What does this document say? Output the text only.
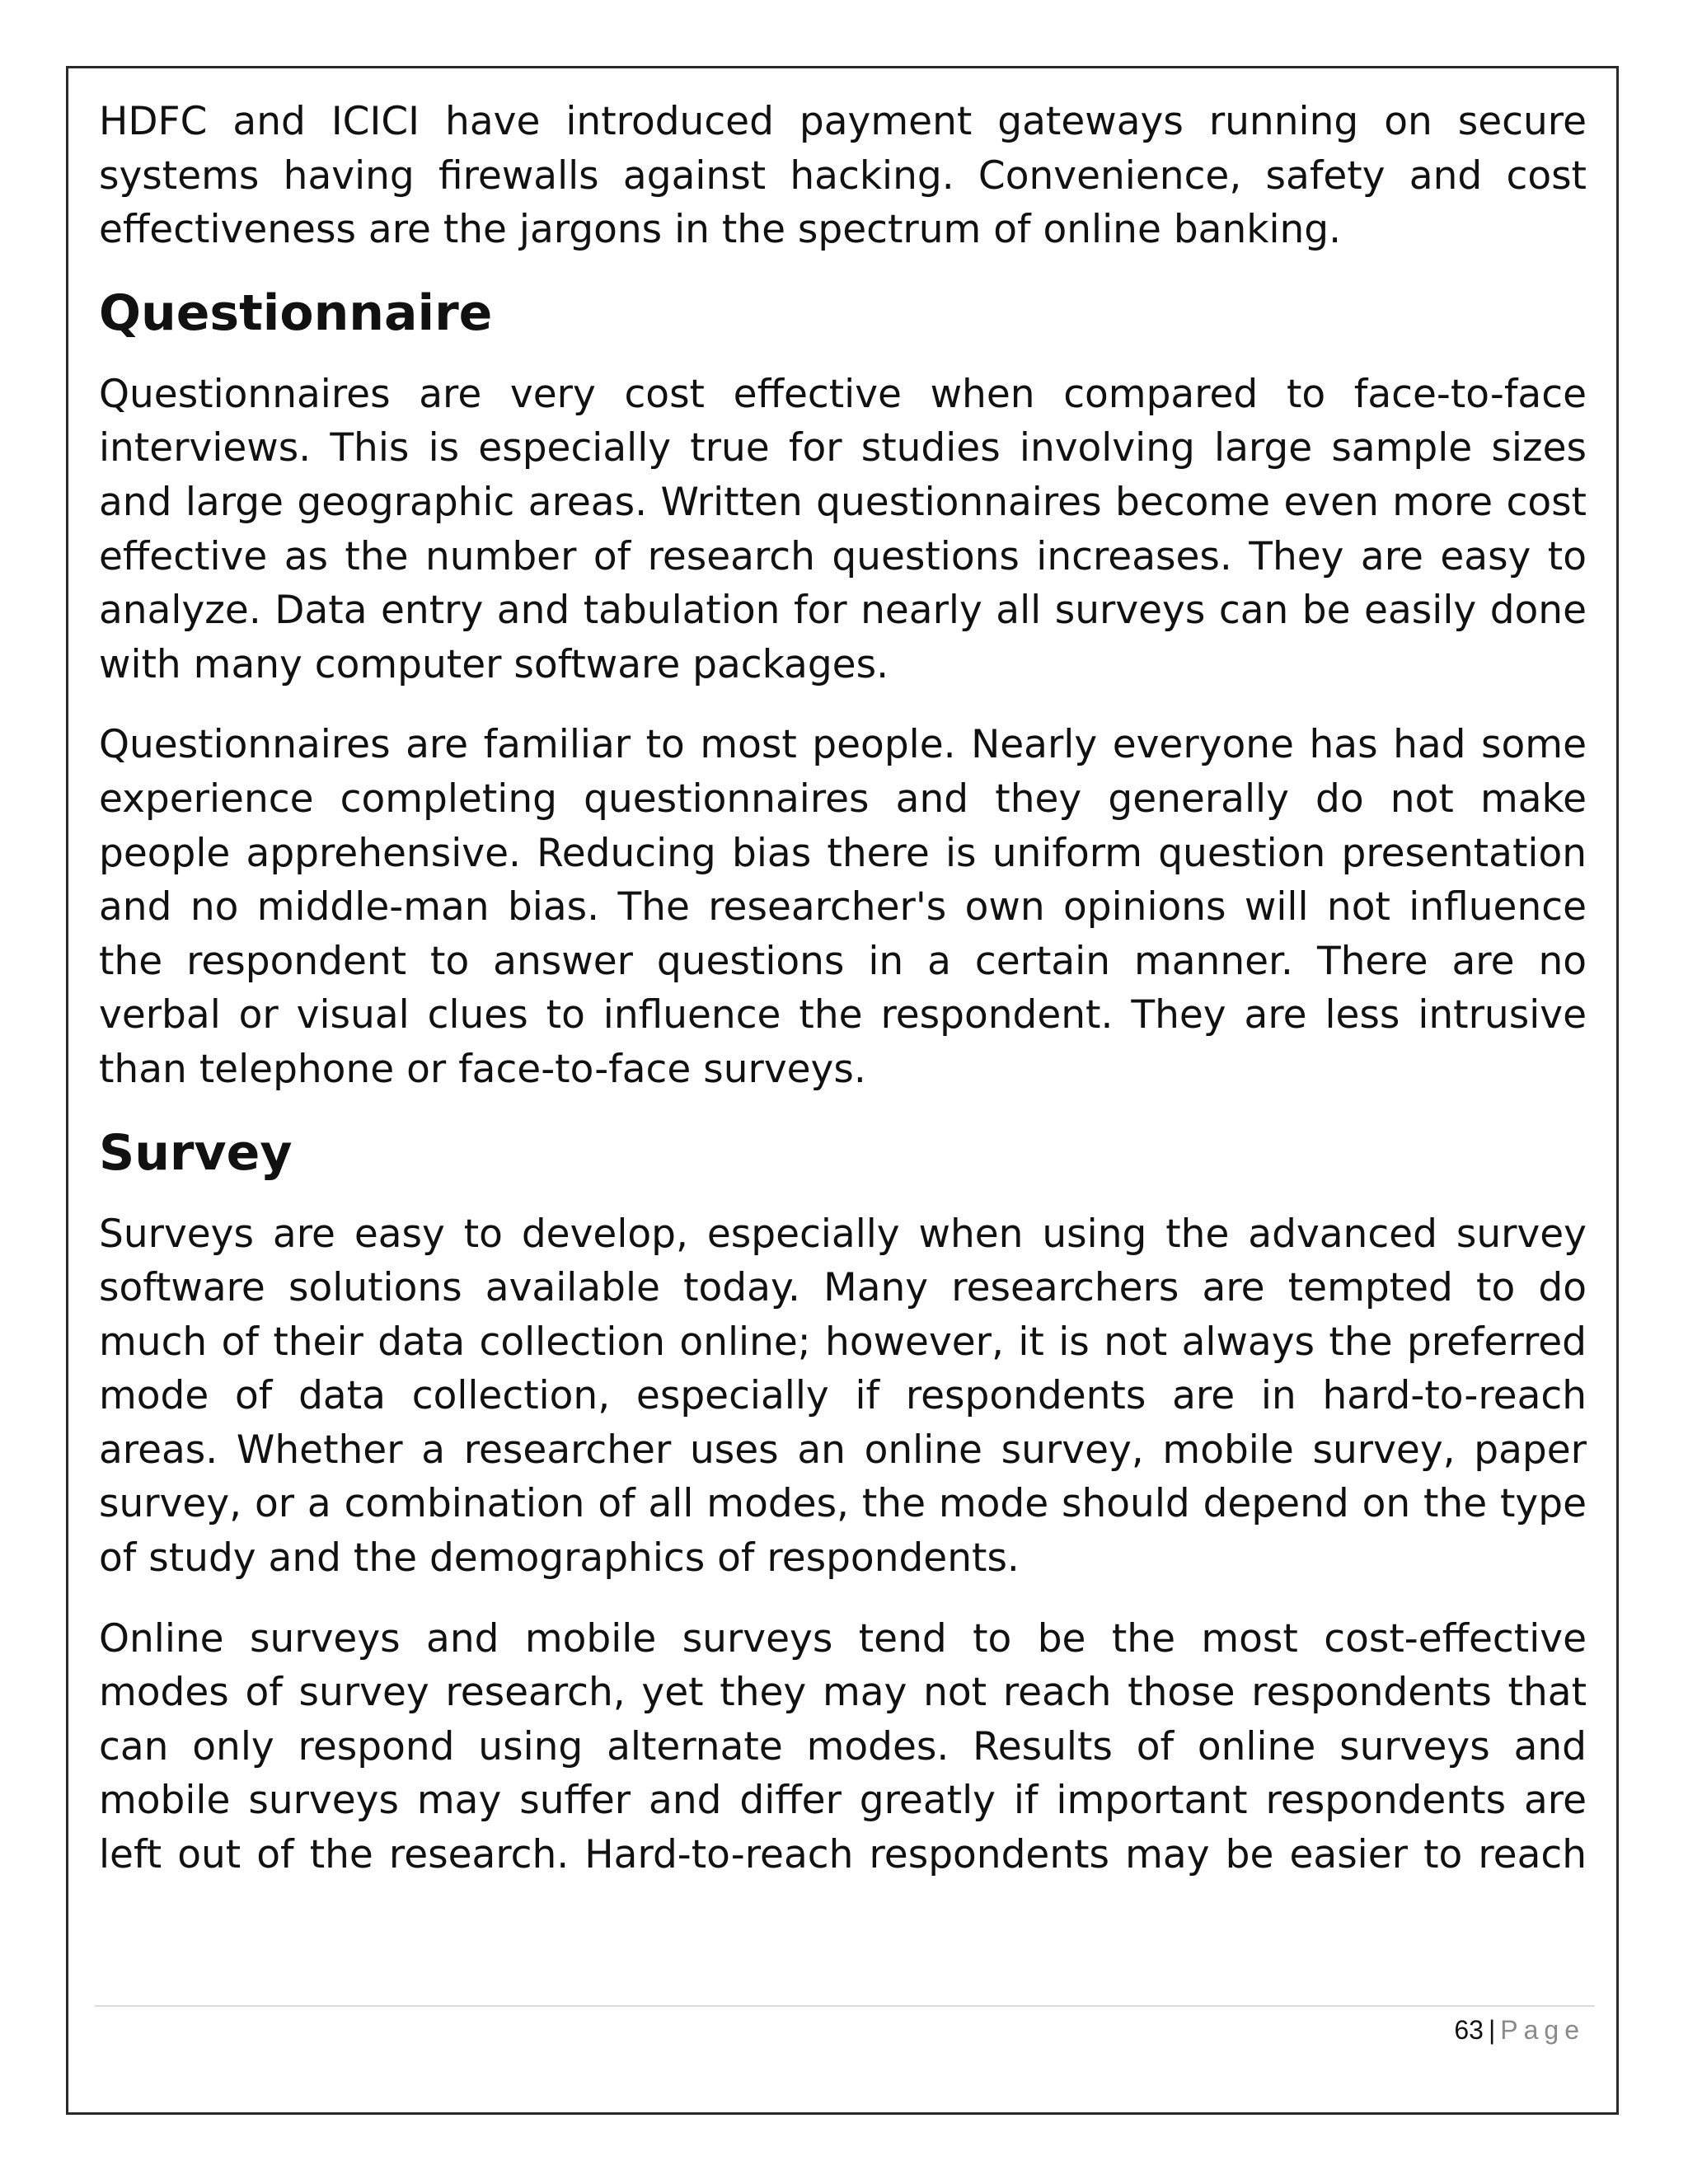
HDFC and ICICI have introduced payment gateways running on secure systems having firewalls against hacking. Convenience, safety and cost effectiveness are the jargons in the spectrum of online banking.

Questionnaire

Questionnaires are very cost effective when compared to face-to-face interviews. This is especially true for studies involving large sample sizes and large geographic areas. Written questionnaires become even more cost effective as the number of research questions increases. They are easy to analyze. Data entry and tabulation for nearly all surveys can be easily done with many computer software packages.

Questionnaires are familiar to most people. Nearly everyone has had some experience completing questionnaires and they generally do not make people apprehensive. Reducing bias there is uniform question presentation and no middle-man bias. The researcher's own opinions will not influence the respondent to answer questions in a certain manner. There are no verbal or visual clues to influence the respondent. They are less intrusive than telephone or face-to-face surveys.

Survey

Surveys are easy to develop, especially when using the advanced survey software solutions available today. Many researchers are tempted to do much of their data collection online; however, it is not always the preferred mode of data collection, especially if respondents are in hard-to-reach areas. Whether a researcher uses an online survey, mobile survey, paper survey, or a combination of all modes, the mode should depend on the type of study and the demographics of respondents.

Online surveys and mobile surveys tend to be the most cost-effective modes of survey research, yet they may not reach those respondents that can only respond using alternate modes. Results of online surveys and mobile surveys may suffer and differ greatly if important respondents are left out of the research. Hard-to-reach respondents may be easier to reach

63 | Page
